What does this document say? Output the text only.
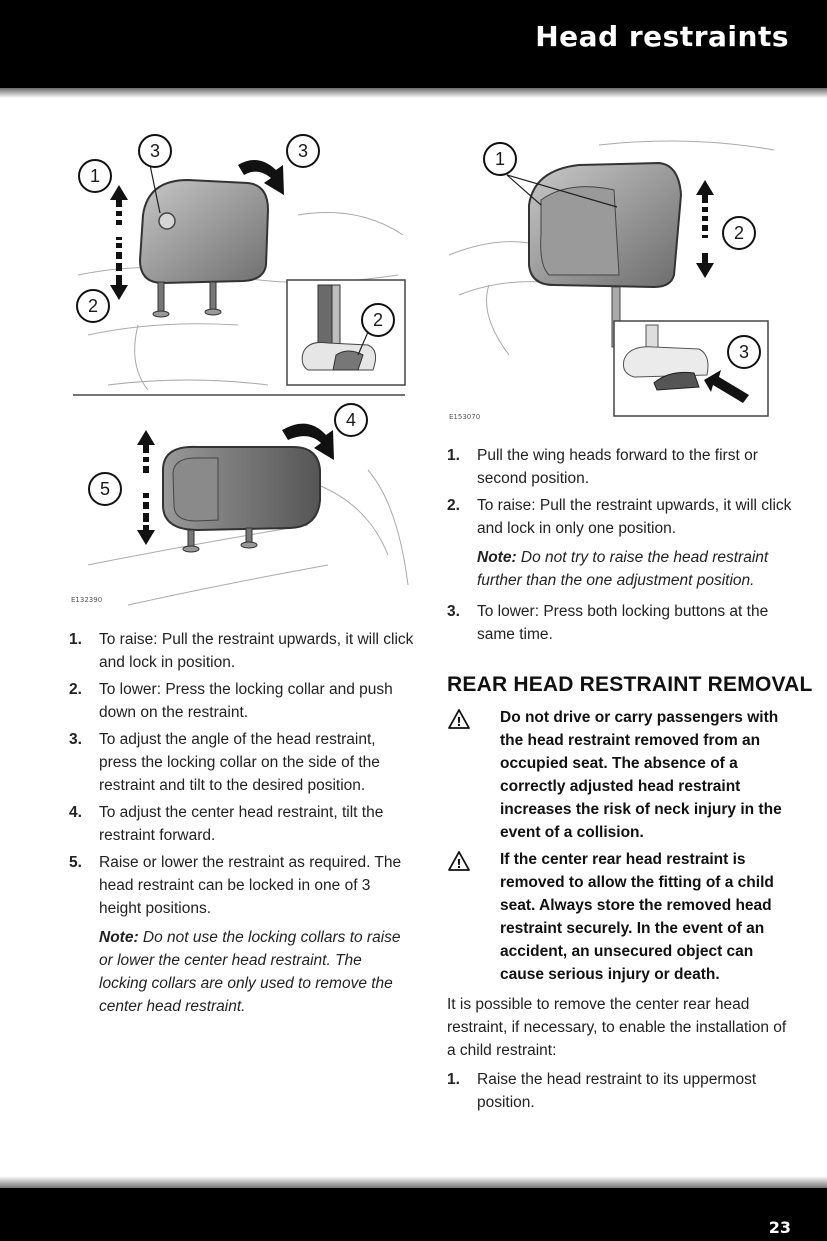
Head restraints
E132390
1
3	3
2
2
4
5
E153070
1
2
3
1. To raise: Pull the restraint upwards, it will click and lock in position.
2. To lower: Press the locking collar and push down on the restraint.
3. To adjust the angle of the head restraint, press the locking collar on the side of the restraint and tilt to the desired position.
4. To adjust the center head restraint, tilt the restraint forward.
5. Raise or lower the restraint as required. The head restraint can be locked in one of 3 height positions.
Note: Do not use the locking collars to raise or lower the center head restraint. The locking collars are only used to remove the center head restraint.
1. Pull the wing heads forward to the first or second position.
2. To raise: Pull the restraint upwards, it will click and lock in only one position.
Note: Do not try to raise the head restraint further than the one adjustment position.
3. To lower: Press both locking buttons at the same time.
REAR HEAD RESTRAINT REMOVAL
! Do not drive or carry passengers with the head restraint removed from an occupied seat. The absence of a correctly adjusted head restraint increases the risk of neck injury in the event of a collision.
! If the center rear head restraint is removed to allow the fitting of a child seat. Always store the removed head restraint securely. In the event of an accident, an unsecured object can cause serious injury or death.
It is possible to remove the center rear head restraint, if necessary, to enable the installation of a child restraint:
1. Raise the head restraint to its uppermost position.
23
